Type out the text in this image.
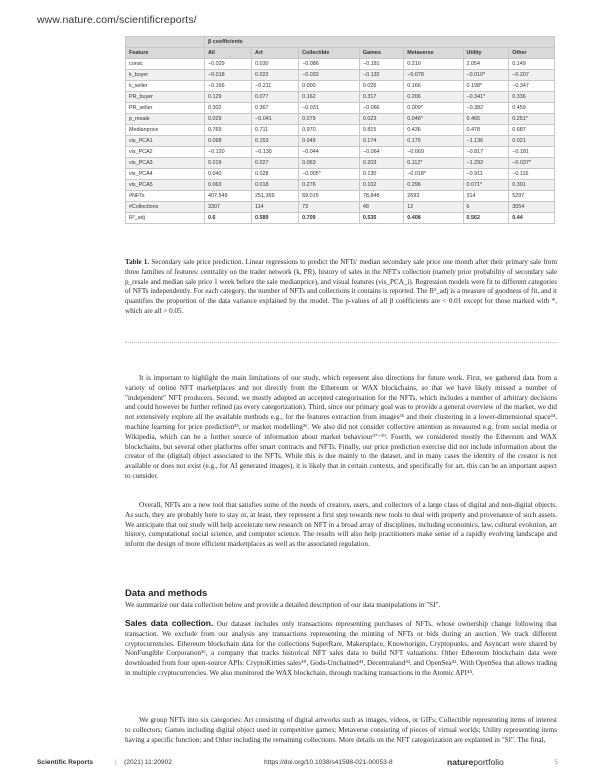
www.nature.com/scientificreports/
	β coefficients						
Feature	All	Art	Collectible	Games	Metaverse	Utility	Other
const.	−0.029	0.030	−0.086	−0.181	0.210	2.054	0.149
k_buyer	−0.018	0.022	−0.032	−0.132	−0.078	−0.010*	−0.207
k_seller	−0.166	−0.211	0.000	0.026	0.166	0.198*	−0.347
PR_buyer	0.129	0.077	0.162	0.317	0.206	−0.341*	0.336
PR_seller	0.302	0.367	−0.031	−0.066	0.009*	−0.382	0.459
p_resale	0.029	−0.041	0.079	0.023	0.046*	0.465	0.251*
Medianprice	0.769	0.711	0.970	0.815	0.436	0.478	0.687
vis_PCA1	0.098	0.153	0.049	0.174	0.175	−1.136	0.021
vis_PCA2	−0.120	−0.130	−0.044	−0.064	−0.669	−0.817	−0.181
vis_PCA3	0.019	0.027	0.063	0.203	0.112*	−1.292	−0.037*
vis_PCA4	0.040	0.028	−0.005*	0.130	−0.018*	−0.911	−0.116
vis_PCA5	0.063	0.018	0.276	0.102	0.296	0.071*	0.301
#NFTs	407,549	251,369	69,015	78,848	2693	314	5297
#Collections	3307	114	73	48	12	6	3054
R²_adj	0.6	0.589	0.709	0.535	0.408	0.562	0.44
Table 1. Secondary sale price prediction. Linear regressions to predict the NFTs' median secondary sale price one month after their primary sale from three families of features: centrality on the trader network (k, PR), history of sales in the NFT's collection (namely prior probability of secondary sale p_resale and median sale price 1 week before the sale medianprice), and visual features (vis_PCA_i). Regression models were fit to different categories of NFTs independently. For each category, the number of NFTs and collections it contains is reported. The R²_adj is a measure of goodness of fit, and it quantifies the proportion of the data variance explained by the model. The p-values of all β coefficients are < 0.01 except for those marked with *, which are all > 0.05.
It is important to highlight the main limitations of our study, which represent also directions for future work. First, we gathered data from a variety of online NFT marketplaces and not directly from the Ethereum or WAX blockchains, so that we have likely missed a number of "independent" NFT producers. Second, we mostly adopted an accepted categorisation for the NFTs, which includes a number of arbitrary decisions and could however be further refined (as every categorization). Third, since our primary goal was to provide a general overview of the market, we did not extensively explore all the available methods e.g., for the features extraction from images³⁵ and their clustering in a lower-dimensional space³⁴, machine learning for price prediction³⁵, or market modelling³⁶. We also did not consider collective attention as measured e.g. from social media or Wikipedia, which can be a further source of information about market behaviour³⁷⁻³⁹. Fourth, we considered mostly the Ethereum and WAX blockchains, but several other platforms offer smart contracts and NFTs. Finally, our price prediction exercise did not include information about the creator of the (digital) object associated to the NFTs. While this is due mainly to the dataset, and in many cases the identity of the creator is not available or does not exist (e.g., for AI generated images), it is likely that in certain contexts, and specifically for art, this can be an important aspect to consider.
Overall, NFTs are a new tool that satisfies some of the needs of creators, users, and collectors of a large class of digital and non-digital objects. As such, they are probably here to stay or, at least, they represent a first step towards new tools to deal with property and provenance of such assets. We anticipate that our study will help accelerate new research on NFT in a broad array of disciplines, including economics, law, cultural evolution, art history, computational social science, and computer science. The results will also help practitioners make sense of a rapidly evolving landscape and inform the design of more efficient marketplaces as well as the associated regulation.
Data and methods
We summarize our data collection below and provide a detailed description of our data manipulations in "SI".
Sales data collection. Our dataset includes only transactions representing purchases of NFTs, whose ownership change following that transaction. We exclude from our analysis any transactions representing the minting of NFTs or bids during an auction. We track different cryptocurrencies. Ethereum blockchain data for the collections SuperRare, Makersplace, Knownorigin, Cryptopunks, and Asyncart were shared by NonFungible Corporation²⁶, a company that tracks historical NFT sales data to build NFT valuations. Other Ethereum blockchain data were downloaded from four open-source APIs: CryptoKitties sales⁴⁰, Gods-Unchained⁴¹, Decentraland⁴², and OpenSea⁴³. With OpenSea that allows trading in multiple cryptocurrencies. We also monitored the WAX blockchain, through tracking transactions in the Atomic API⁴⁴.
We group NFTs into six categories: Art consisting of digital artworks such as images, videos, or GIFs; Collectible representing items of interest to collectors; Games including digital object used in competitive games; Metaverse consisting of pieces of virtual worlds; Utility representing items having a specific function; and Other including the remaining collections. More details on the NFT categorization are explained in "SI". The final,
Scientific Reports	| (2021) 11:20902	https://doi.org/10.1038/s41598-021-00053-8	natureportfolio	5
